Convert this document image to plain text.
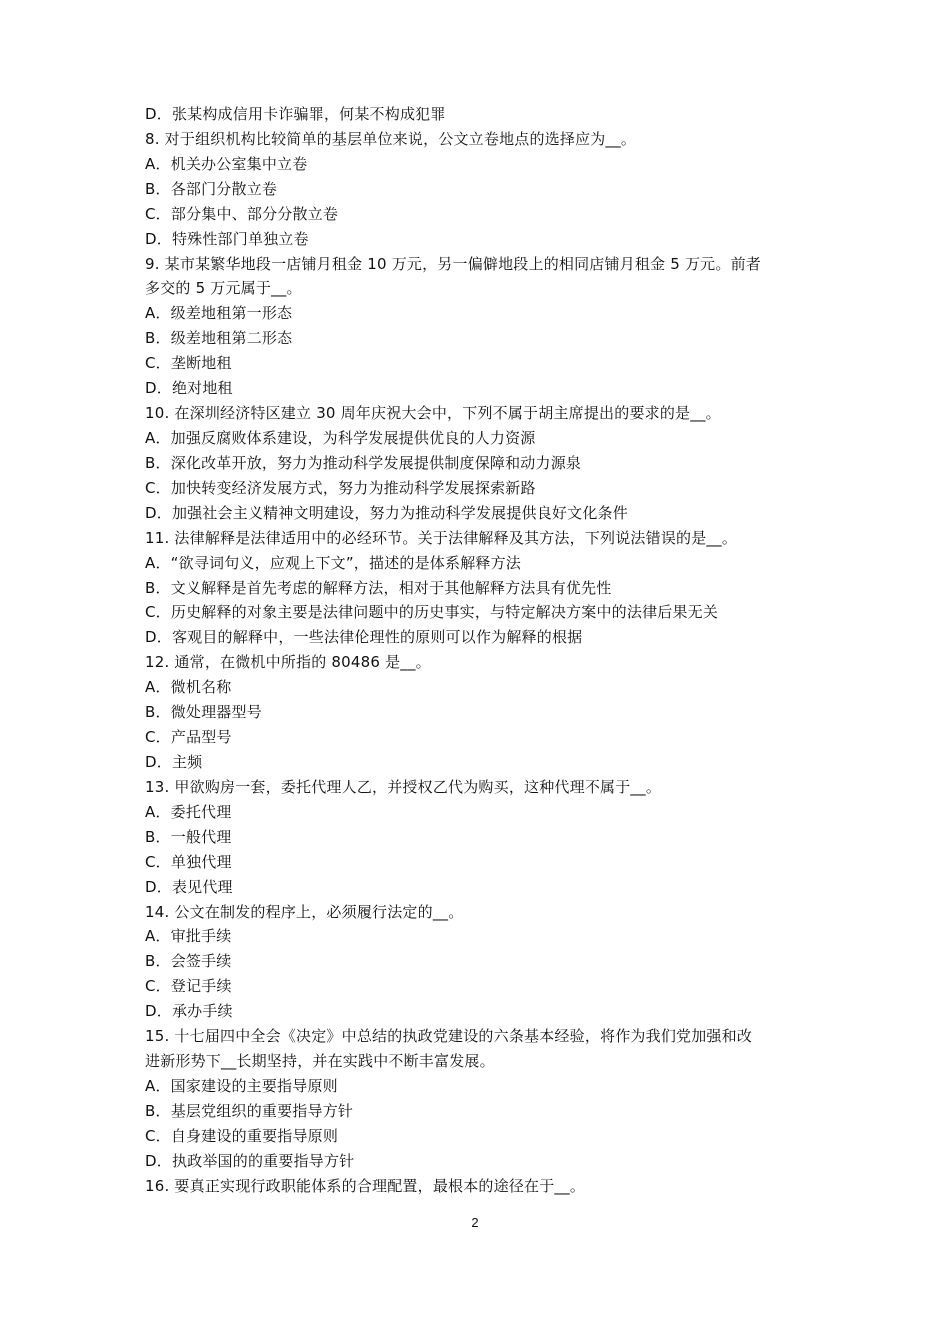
D．张某构成信用卡诈骗罪，何某不构成犯罪
8. 对于组织机构比较简单的基层单位来说，公文立卷地点的选择应为__。
A．机关办公室集中立卷
B．各部门分散立卷
C．部分集中、部分分散立卷
D．特殊性部门单独立卷
9. 某市某繁华地段一店铺月租金 10 万元，另一偏僻地段上的相同店铺月租金 5 万元。前者
多交的 5 万元属于__。
A．级差地租第一形态
B．级差地租第二形态
C．垄断地租
D．绝对地租
10. 在深圳经济特区建立 30 周年庆祝大会中，下列不属于胡主席提出的要求的是__。
A．加强反腐败体系建设，为科学发展提供优良的人力资源
B．深化改革开放，努力为推动科学发展提供制度保障和动力源泉
C．加快转变经济发展方式，努力为推动科学发展探索新路
D．加强社会主义精神文明建设，努力为推动科学发展提供良好文化条件
11. 法律解释是法律适用中的必经环节。关于法律解释及其方法，下列说法错误的是__。
A．“欲寻词句义，应观上下文”，描述的是体系解释方法
B．文义解释是首先考虑的解释方法，相对于其他解释方法具有优先性
C．历史解释的对象主要是法律问题中的历史事实，与特定解决方案中的法律后果无关
D．客观目的解释中，一些法律伦理性的原则可以作为解释的根据
12. 通常，在微机中所指的 80486 是__。
A．微机名称
B．微处理器型号
C．产品型号
D．主频
13. 甲欲购房一套，委托代理人乙，并授权乙代为购买，这种代理不属于__。
A．委托代理
B．一般代理
C．单独代理
D．表见代理
14. 公文在制发的程序上，必须履行法定的__。
A．审批手续
B．会签手续
C．登记手续
D．承办手续
15. 十七届四中全会《决定》中总结的执政党建设的六条基本经验，将作为我们党加强和改
进新形势下__长期坚持，并在实践中不断丰富发展。
A．国家建设的主要指导原则
B．基层党组织的重要指导方针
C．自身建设的重要指导原则
D．执政举国的的重要指导方针
16. 要真正实现行政职能体系的合理配置，最根本的途径在于__。
2
